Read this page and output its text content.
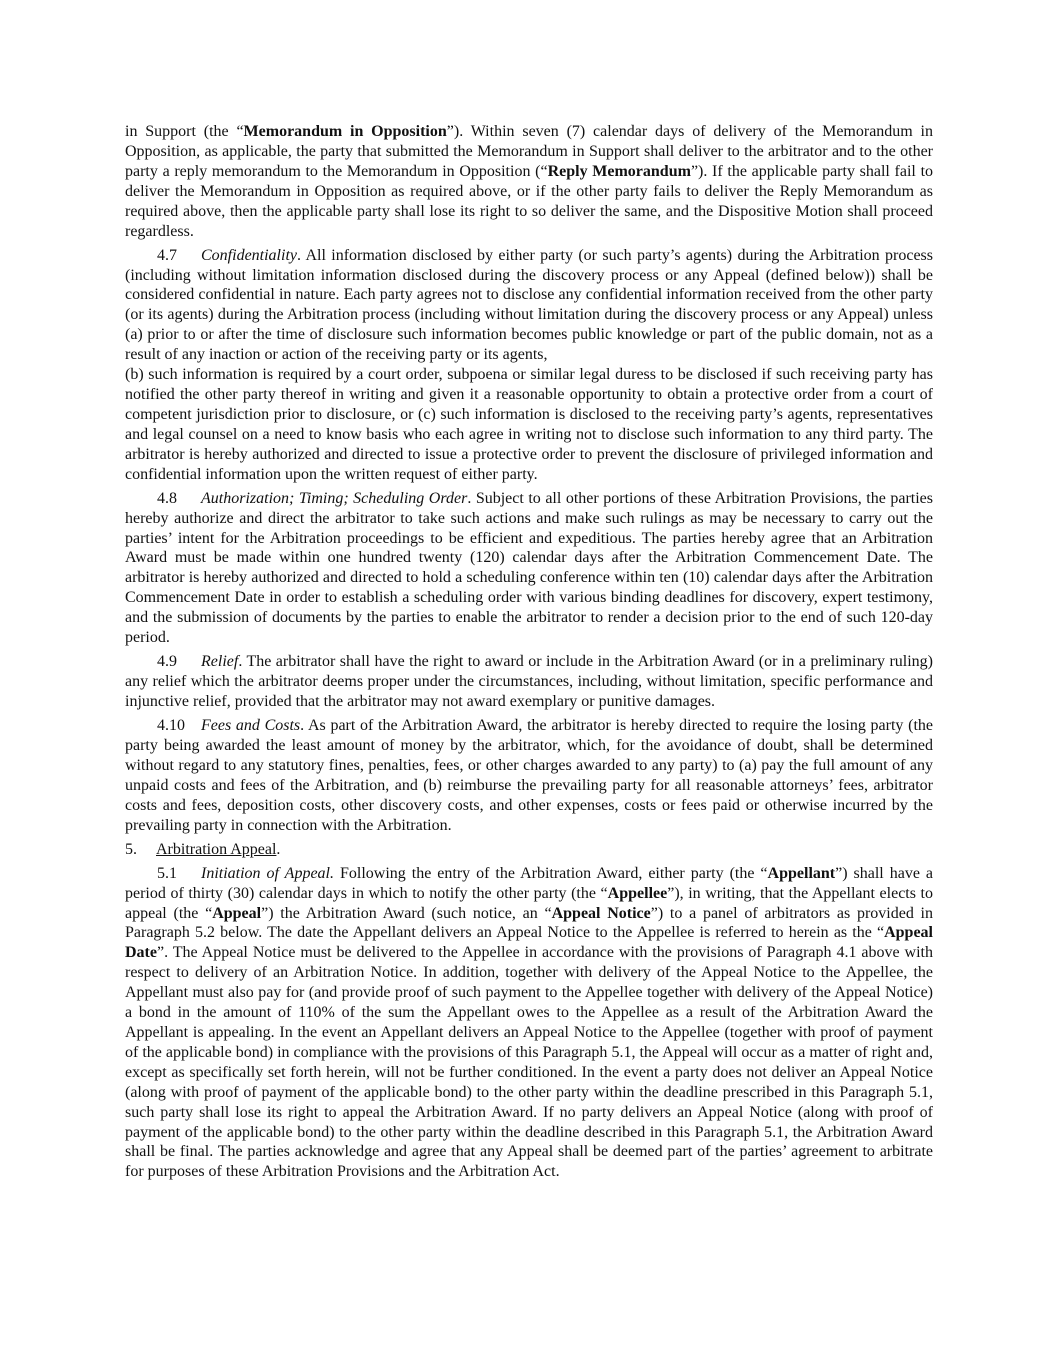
in Support (the “Memorandum in Opposition”). Within seven (7) calendar days of delivery of the Memorandum in Opposition, as applicable, the party that submitted the Memorandum in Support shall deliver to the arbitrator and to the other party a reply memorandum to the Memorandum in Opposition (“Reply Memorandum”). If the applicable party shall fail to deliver the Memorandum in Opposition as required above, or if the other party fails to deliver the Reply Memorandum as required above, then the applicable party shall lose its right to so deliver the same, and the Dispositive Motion shall proceed regardless.

4.7 Confidentiality. All information disclosed by either party (or such party’s agents) during the Arbitration process (including without limitation information disclosed during the discovery process or any Appeal (defined below)) shall be considered confidential in nature. Each party agrees not to disclose any confidential information received from the other party (or its agents) during the Arbitration process (including without limitation during the discovery process or any Appeal) unless (a) prior to or after the time of disclosure such information becomes public knowledge or part of the public domain, not as a result of any inaction or action of the receiving party or its agents,
(b) such information is required by a court order, subpoena or similar legal duress to be disclosed if such receiving party has notified the other party thereof in writing and given it a reasonable opportunity to obtain a protective order from a court of competent jurisdiction prior to disclosure, or (c) such information is disclosed to the receiving party’s agents, representatives and legal counsel on a need to know basis who each agree in writing not to disclose such information to any third party. The arbitrator is hereby authorized and directed to issue a protective order to prevent the disclosure of privileged information and confidential information upon the written request of either party.

4.8 Authorization; Timing; Scheduling Order. Subject to all other portions of these Arbitration Provisions, the parties hereby authorize and direct the arbitrator to take such actions and make such rulings as may be necessary to carry out the parties’ intent for the Arbitration proceedings to be efficient and expeditious. The parties hereby agree that an Arbitration Award must be made within one hundred twenty (120) calendar days after the Arbitration Commencement Date. The arbitrator is hereby authorized and directed to hold a scheduling conference within ten (10) calendar days after the Arbitration Commencement Date in order to establish a scheduling order with various binding deadlines for discovery, expert testimony, and the submission of documents by the parties to enable the arbitrator to render a decision prior to the end of such 120-day period.

4.9 Relief. The arbitrator shall have the right to award or include in the Arbitration Award (or in a preliminary ruling) any relief which the arbitrator deems proper under the circumstances, including, without limitation, specific performance and injunctive relief, provided that the arbitrator may not award exemplary or punitive damages.

4.10 Fees and Costs. As part of the Arbitration Award, the arbitrator is hereby directed to require the losing party (the party being awarded the least amount of money by the arbitrator, which, for the avoidance of doubt, shall be determined without regard to any statutory fines, penalties, fees, or other charges awarded to any party) to (a) pay the full amount of any unpaid costs and fees of the Arbitration, and (b) reimburse the prevailing party for all reasonable attorneys’ fees, arbitrator costs and fees, deposition costs, other discovery costs, and other expenses, costs or fees paid or otherwise incurred by the prevailing party in connection with the Arbitration.

5. Arbitration Appeal.

5.1 Initiation of Appeal. Following the entry of the Arbitration Award, either party (the “Appellant”) shall have a period of thirty (30) calendar days in which to notify the other party (the “Appellee”), in writing, that the Appellant elects to appeal (the “Appeal”) the Arbitration Award (such notice, an “Appeal Notice”) to a panel of arbitrators as provided in Paragraph 5.2 below. The date the Appellant delivers an Appeal Notice to the Appellee is referred to herein as the “Appeal Date”. The Appeal Notice must be delivered to the Appellee in accordance with the provisions of Paragraph 4.1 above with respect to delivery of an Arbitration Notice. In addition, together with delivery of the Appeal Notice to the Appellee, the Appellant must also pay for (and provide proof of such payment to the Appellee together with delivery of the Appeal Notice) a bond in the amount of 110% of the sum the Appellant owes to the Appellee as a result of the Arbitration Award the Appellant is appealing. In the event an Appellant delivers an Appeal Notice to the Appellee (together with proof of payment of the applicable bond) in compliance with the provisions of this Paragraph 5.1, the Appeal will occur as a matter of right and, except as specifically set forth herein, will not be further conditioned. In the event a party does not deliver an Appeal Notice (along with proof of payment of the applicable bond) to the other party within the deadline prescribed in this Paragraph 5.1, such party shall lose its right to appeal the Arbitration Award. If no party delivers an Appeal Notice (along with proof of payment of the applicable bond) to the other party within the deadline described in this Paragraph 5.1, the Arbitration Award shall be final. The parties acknowledge and agree that any Appeal shall be deemed part of the parties’ agreement to arbitrate for purposes of these Arbitration Provisions and the Arbitration Act.
